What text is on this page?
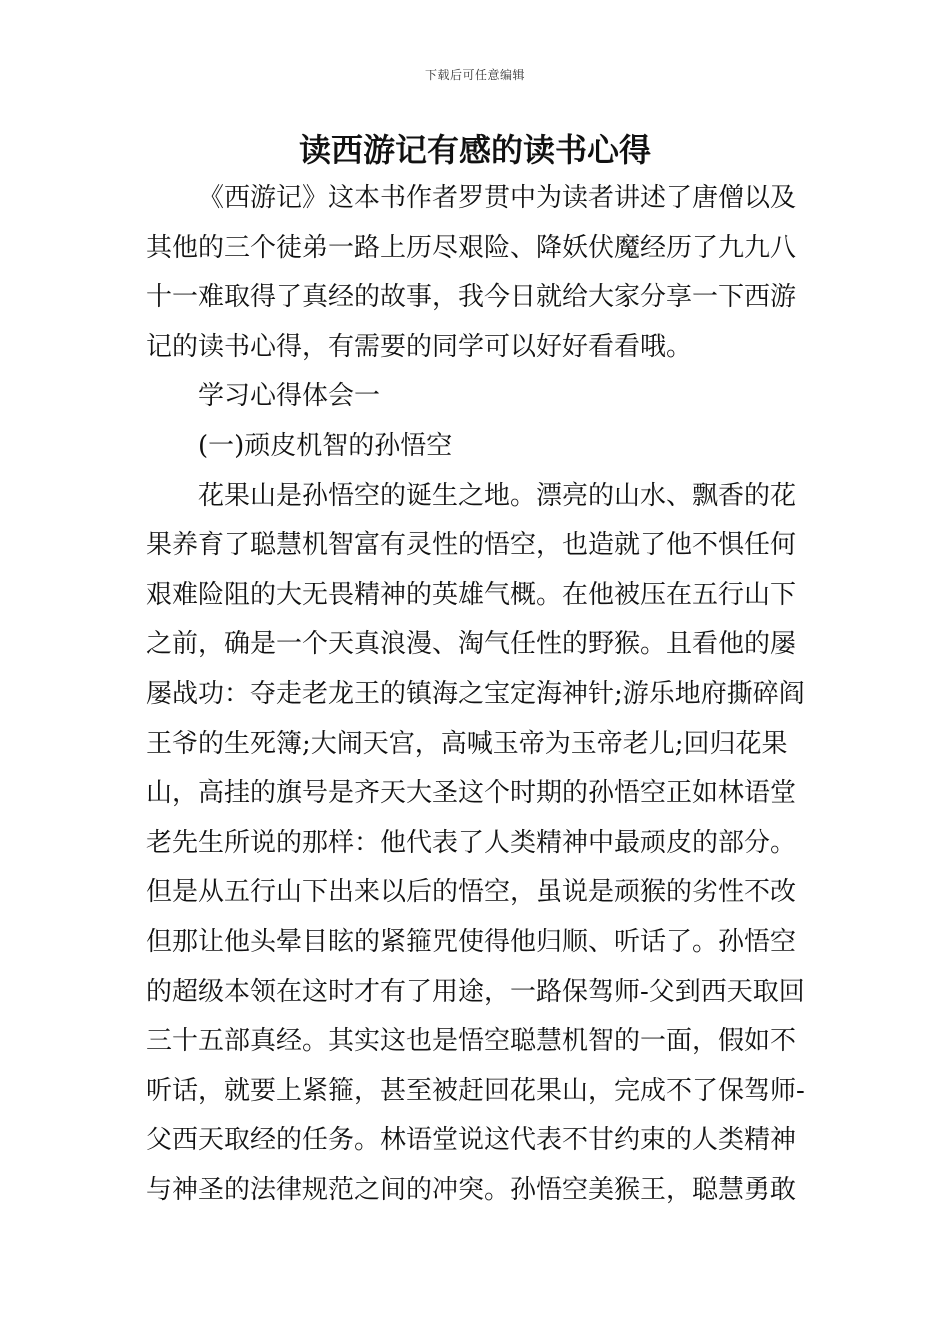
下载后可任意编辑
读西游记有感的读书心得
《西游记》这本书作者罗贯中为读者讲述了唐僧以及
其他的三个徒弟一路上历尽艰险、降妖伏魔经历了九九八
十一难取得了真经的故事，我今日就给大家分享一下西游
记的读书心得，有需要的同学可以好好看看哦。
学习心得体会一
(一)顽皮机智的孙悟空
花果山是孙悟空的诞生之地。漂亮的山水、飘香的花
果养育了聪慧机智富有灵性的悟空，也造就了他不惧任何
艰难险阻的大无畏精神的英雄气概。在他被压在五行山下
之前，确是一个天真浪漫、淘气任性的野猴。且看他的屡
屡战功：夺走老龙王的镇海之宝定海神针;游乐地府撕碎阎
王爷的生死簿;大闹天宫，高喊玉帝为玉帝老儿;回归花果
山，高挂的旗号是齐天大圣这个时期的孙悟空正如林语堂
老先生所说的那样：他代表了人类精神中最顽皮的部分。
但是从五行山下出来以后的悟空，虽说是顽猴的劣性不改
但那让他头晕目眩的紧箍咒使得他归顺、听话了。孙悟空
的超级本领在这时才有了用途，一路保驾师-父到西天取回
三十五部真经。其实这也是悟空聪慧机智的一面，假如不
听话，就要上紧箍，甚至被赶回花果山，完成不了保驾师-
父西天取经的任务。林语堂说这代表不甘约束的人类精神
与神圣的法律规范之间的冲突。孙悟空美猴王，聪慧勇敢
